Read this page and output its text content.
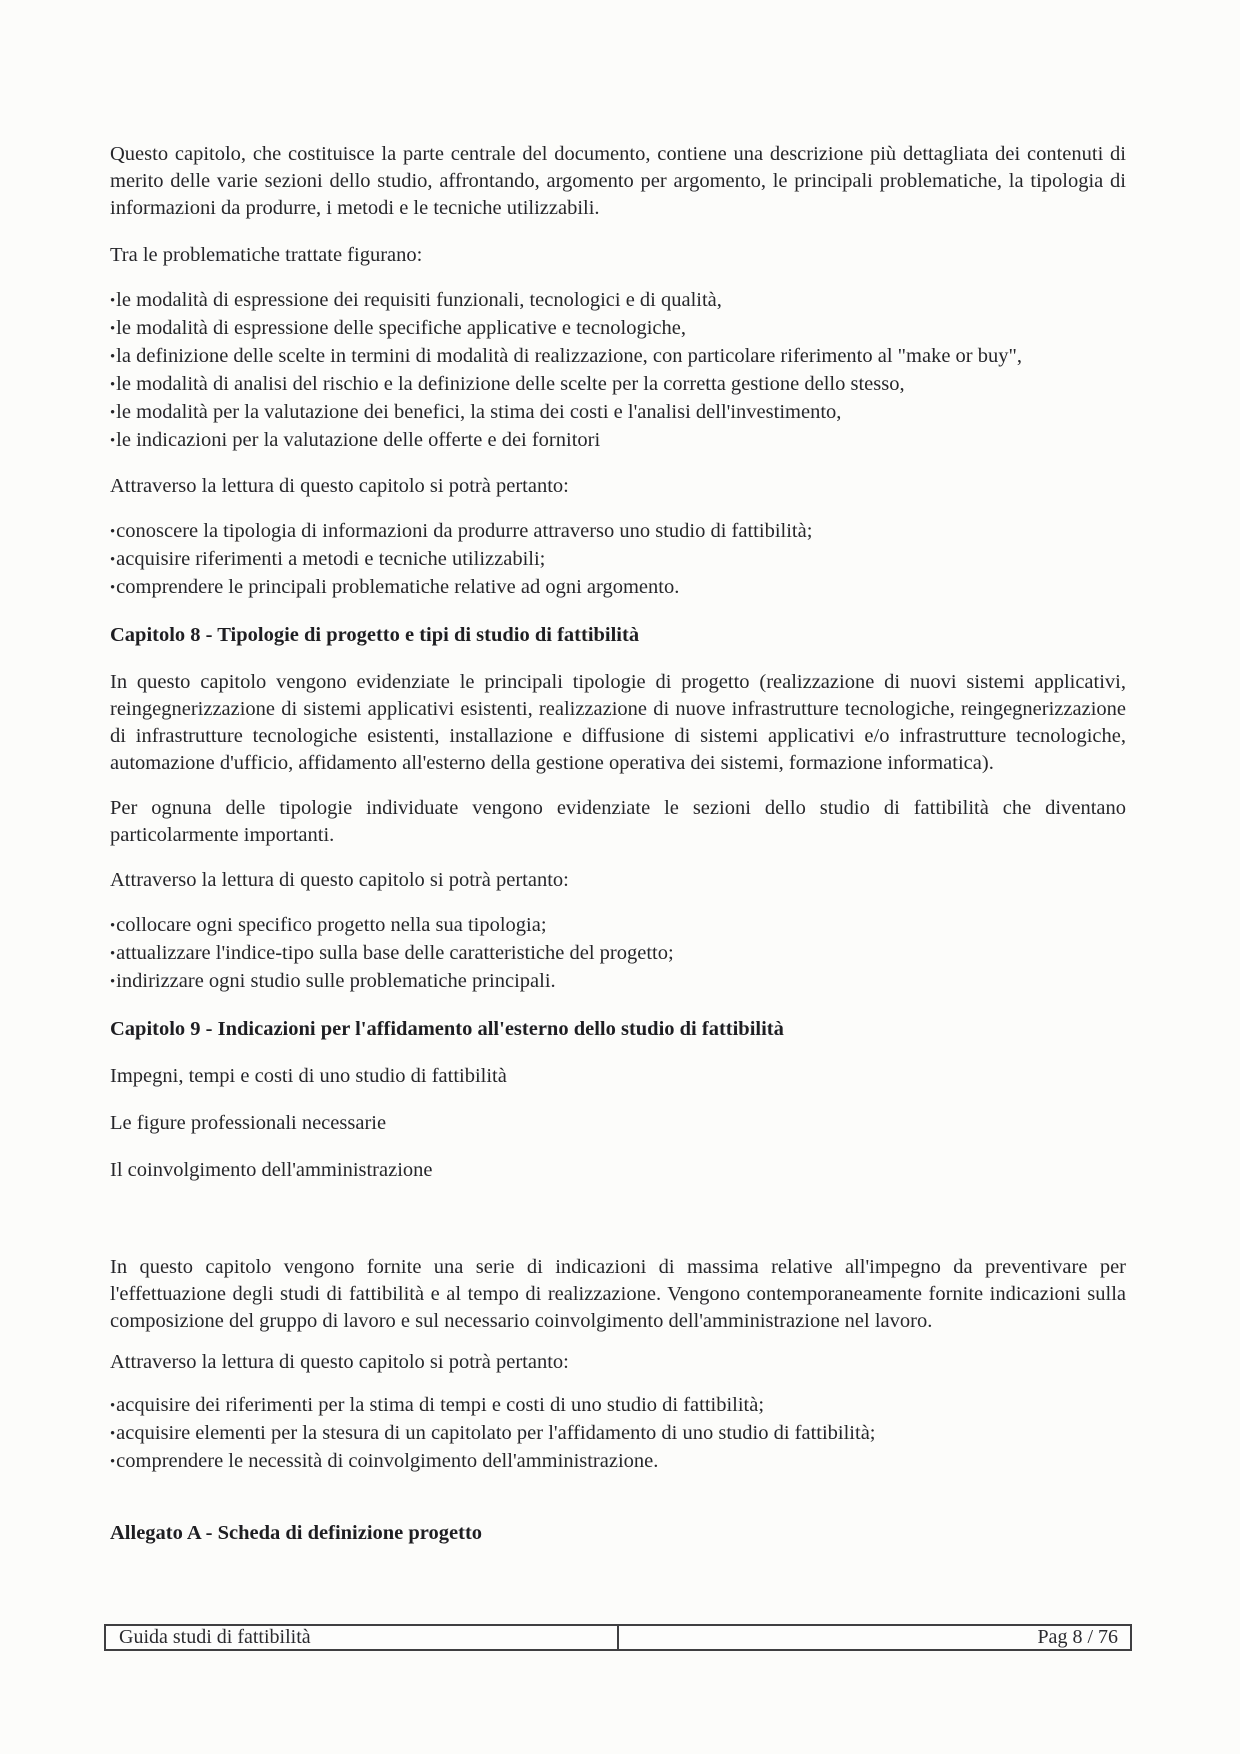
Questo capitolo, che costituisce la parte centrale del documento, contiene una descrizione più dettagliata dei contenuti di merito delle varie sezioni dello studio, affrontando, argomento per argomento, le principali problematiche, la tipologia di informazioni da produrre, i metodi e le tecniche utilizzabili.

Tra le problematiche trattate figurano:

•le modalità di espressione dei requisiti funzionali, tecnologici e di qualità,
•le modalità di espressione delle specifiche applicative e tecnologiche,
•la definizione delle scelte in termini di modalità di realizzazione, con particolare riferimento al "make or buy",
•le modalità di analisi del rischio e la definizione delle scelte per la corretta gestione dello stesso,
•le modalità per la valutazione dei benefici, la stima dei costi e l'analisi dell'investimento,
•le indicazioni per la valutazione delle offerte e dei fornitori

Attraverso la lettura di questo capitolo si potrà pertanto:

•conoscere la tipologia di informazioni da produrre attraverso uno studio di fattibilità;
•acquisire riferimenti a metodi e tecniche utilizzabili;
•comprendere le principali problematiche relative ad ogni argomento.
Capitolo 8 - Tipologie di progetto e tipi di studio di fattibilità

In questo capitolo vengono evidenziate le principali tipologie di progetto (realizzazione di nuovi sistemi applicativi, reingegnerizzazione di sistemi applicativi esistenti, realizzazione di nuove infrastrutture tecnologiche, reingegnerizzazione di infrastrutture tecnologiche esistenti, installazione e diffusione di sistemi applicativi e/o infrastrutture tecnologiche, automazione d'ufficio, affidamento all'esterno della gestione operativa dei sistemi, formazione informatica).

Per ognuna delle tipologie individuate vengono evidenziate le sezioni dello studio di fattibilità che diventano particolarmente importanti.

Attraverso la lettura di questo capitolo si potrà pertanto:

•collocare ogni specifico progetto nella sua tipologia;
•attualizzare l'indice-tipo sulla base delle caratteristiche del progetto;
•indirizzare ogni studio sulle problematiche principali.
Capitolo 9 - Indicazioni per l'affidamento all'esterno dello studio di fattibilità

Impegni, tempi e costi di uno studio di fattibilità

Le figure professionali necessarie

Il coinvolgimento dell'amministrazione

In questo capitolo vengono fornite una serie di indicazioni di massima relative all'impegno da preventivare per l'effettuazione degli studi di fattibilità e al tempo di realizzazione. Vengono contemporaneamente fornite indicazioni sulla composizione del gruppo di lavoro e sul necessario coinvolgimento dell'amministrazione nel lavoro.

Attraverso la lettura di questo capitolo si potrà pertanto:

•acquisire dei riferimenti per la stima di tempi e costi di uno studio di fattibilità;
•acquisire elementi per la stesura di un capitolato per l'affidamento di uno studio di fattibilità;
•comprendere le necessità di coinvolgimento dell'amministrazione.
Allegato A - Scheda di definizione progetto
Guida studi di fattibilità	Pag 8 / 76
